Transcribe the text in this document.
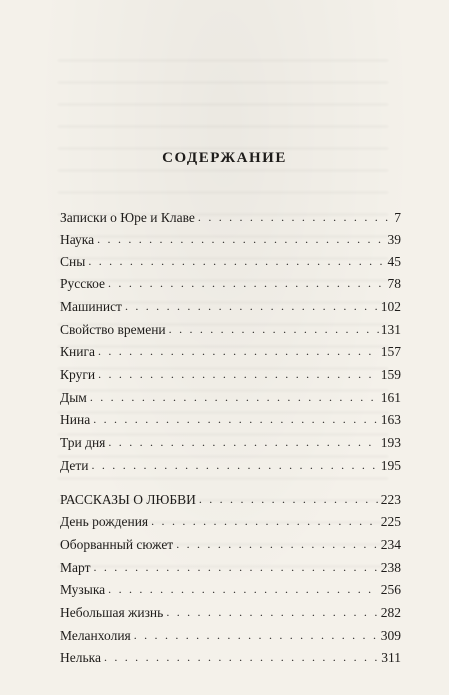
СОДЕРЖАНИЕ
Записки о Юре и Клаве . . .	7
Наука . . .	39
Сны . . .	45
Русское . . .	78
Машинист . . .	102
Свойство времени . . .	131
Книга . . .	157
Круги . . .	159
Дым . . .	161
Нина . . .	163
Три дня . . .	193
Дети . . .	195
РАССКАЗЫ О ЛЮБВИ . . .	223
День рождения . . .	225
Оборванный сюжет . . .	234
Март . . .	238
Музыка . . .	256
Небольшая жизнь . . .	282
Меланхолия . . .	309
Нелька . . .	311
